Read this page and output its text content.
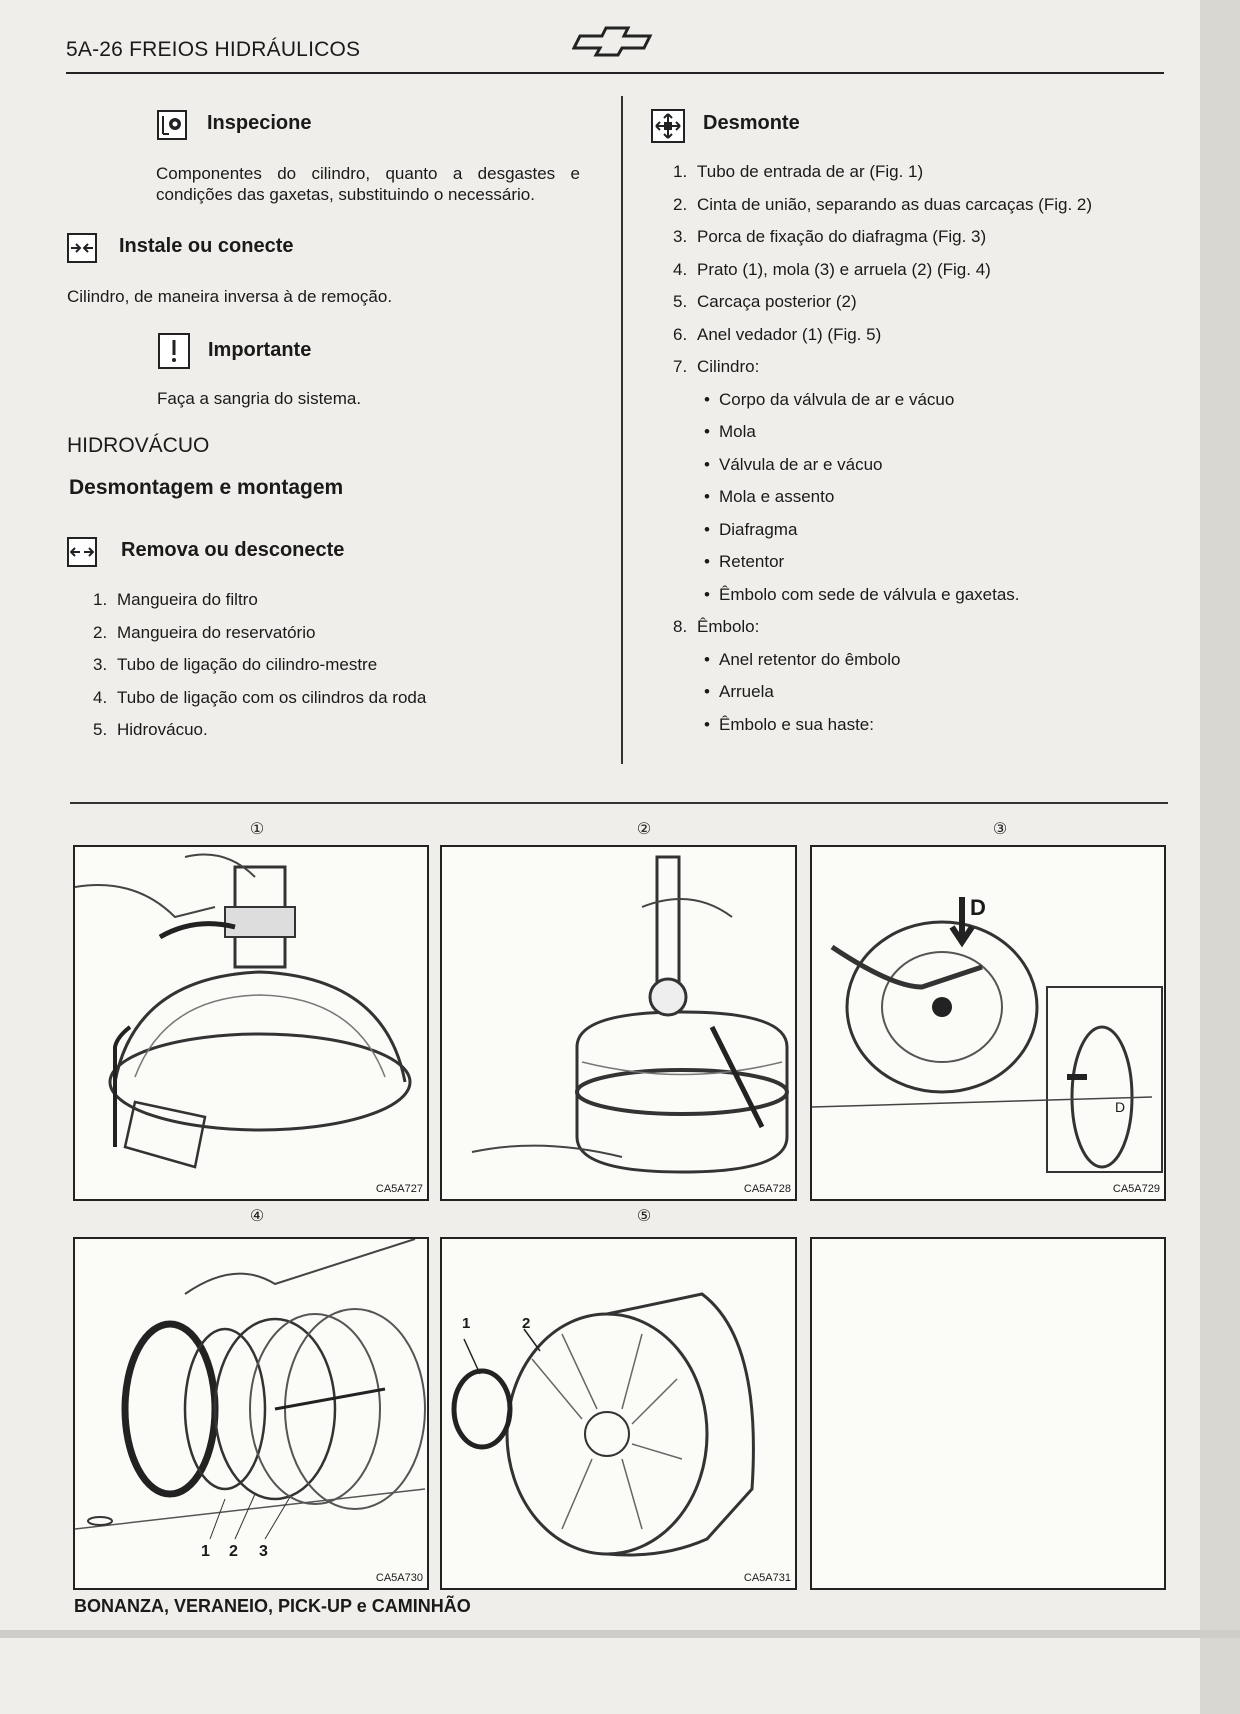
5A-26 FREIOS HIDRÁULICOS
Inspecione
Componentes do cilindro, quanto a desgastes e condições das gaxetas, substituindo o necessário.
Instale ou conecte
Cilindro, de maneira inversa à de remoção.
Importante
Faça a sangria do sistema.
HIDROVÁCUO
Desmontagem e montagem
Remova ou desconecte
1. Mangueira do filtro
2. Mangueira do reservatório
3. Tubo de ligação do cilindro-mestre
4. Tubo de ligação com os cilindros da roda
5. Hidrovácuo.
Desmonte
1. Tubo de entrada de ar (Fig. 1)
2. Cinta de união, separando as duas carcaças (Fig. 2)
3. Porca de fixação do diafragma (Fig. 3)
4. Prato (1), mola (3) e arruela (2) (Fig. 4)
5. Carcaça posterior (2)
6. Anel vedador (1) (Fig. 5)
7. Cilindro:
• Corpo da válvula de ar e vácuo
• Mola
• Válvula de ar e vácuo
• Mola e assento
• Diafragma
• Retentor
• Êmbolo com sede de válvula e gaxetas.
8. Êmbolo:
• Anel retentor do êmbolo
• Arruela
• Êmbolo e sua haste:
①	②	③
④	⑤
CA5A727	CA5A728
D
D
CA5A729
1 2 3
CA5A730
1	2
CA5A731
BONANZA, VERANEIO, PICK-UP e CAMINHÃO
